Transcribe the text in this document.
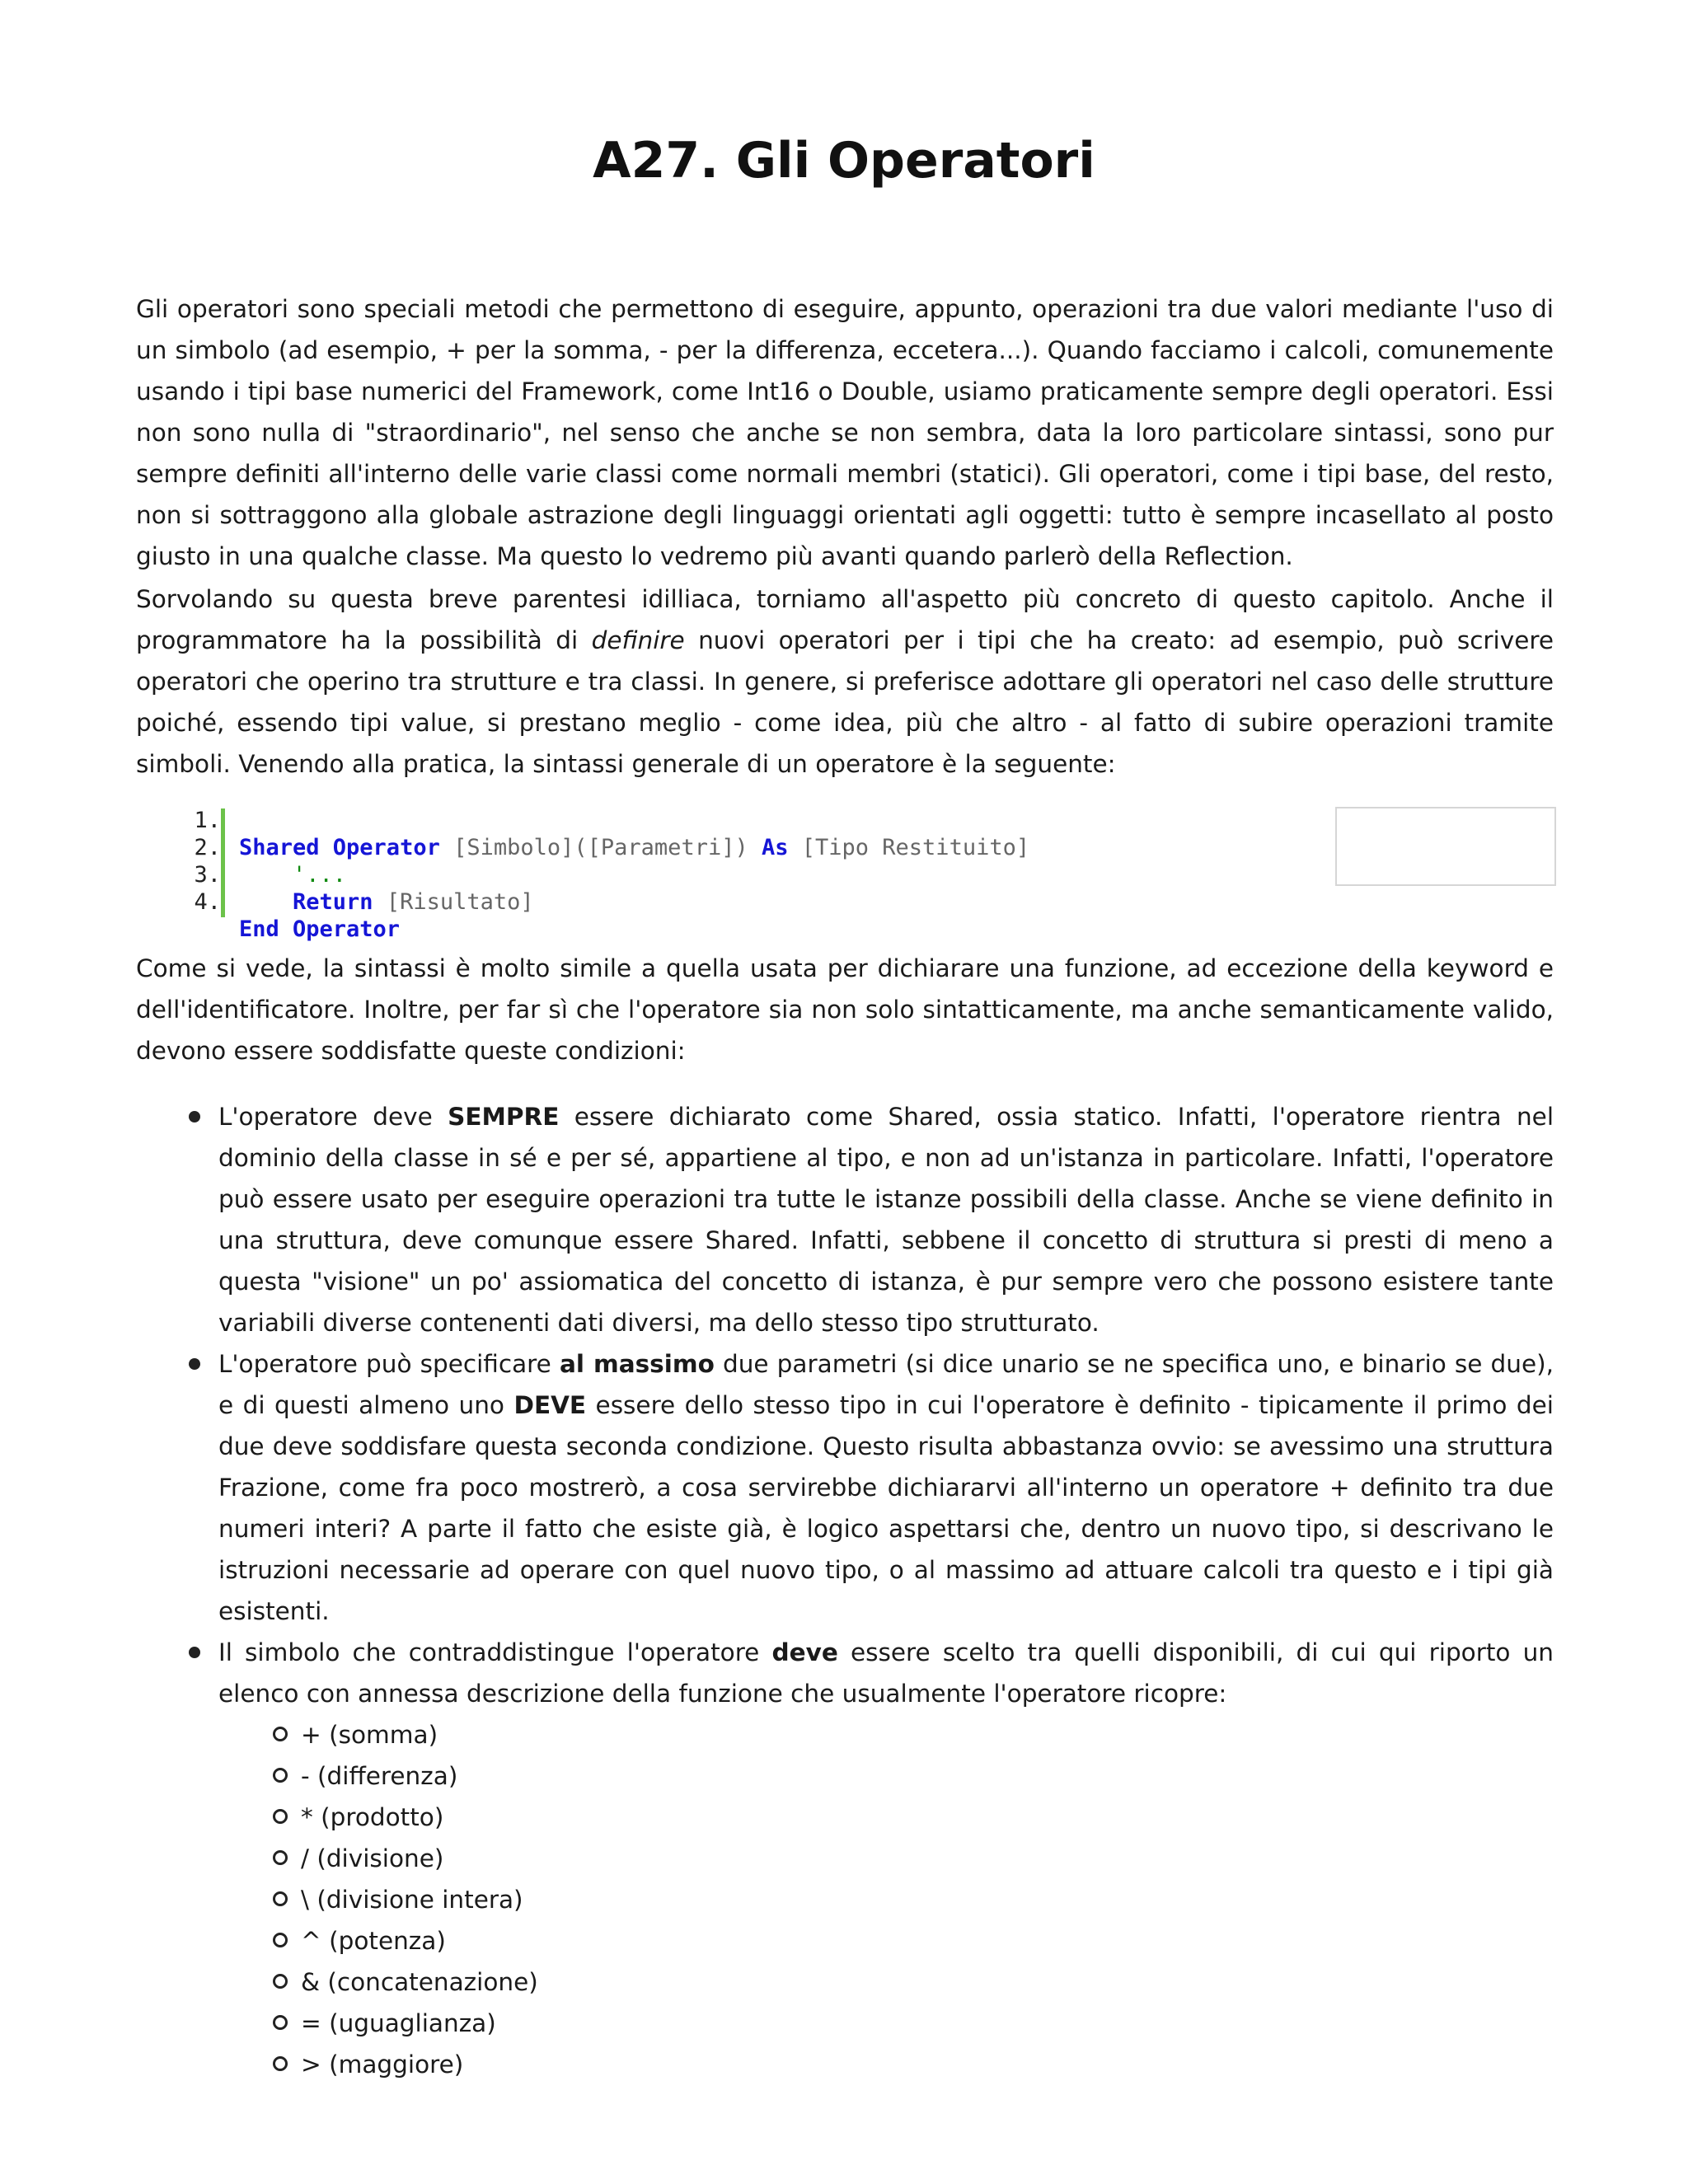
A27. Gli Operatori

Gli operatori sono speciali metodi che permettono di eseguire, appunto, operazioni tra due valori mediante l'uso di un simbolo (ad esempio, + per la somma, - per la differenza, eccetera...). Quando facciamo i calcoli, comunemente usando i tipi base numerici del Framework, come Int16 o Double, usiamo praticamente sempre degli operatori. Essi non sono nulla di "straordinario", nel senso che anche se non sembra, data la loro particolare sintassi, sono pur sempre definiti all'interno delle varie classi come normali membri (statici). Gli operatori, come i tipi base, del resto, non si sottraggono alla globale astrazione degli linguaggi orientati agli oggetti: tutto è sempre incasellato al posto giusto in una qualche classe. Ma questo lo vedremo più avanti quando parlerò della Reflection.

Sorvolando su questa breve parentesi idilliaca, torniamo all'aspetto più concreto di questo capitolo. Anche il programmatore ha la possibilità di definire nuovi operatori per i tipi che ha creato: ad esempio, può scrivere operatori che operino tra strutture e tra classi. In genere, si preferisce adottare gli operatori nel caso delle strutture poiché, essendo tipi value, si prestano meglio - come idea, più che altro - al fatto di subire operazioni tramite simboli. Venendo alla pratica, la sintassi generale di un operatore è la seguente:

1.
2.
3.
4.

Shared Operator [Simbolo]([Parametri]) As [Tipo Restituito]
'...
Return [Risultato]
End Operator

Come si vede, la sintassi è molto simile a quella usata per dichiarare una funzione, ad eccezione della keyword e dell'identificatore. Inoltre, per far sì che l'operatore sia non solo sintatticamente, ma anche semanticamente valido, devono essere soddisfatte queste condizioni:

L'operatore deve SEMPRE essere dichiarato come Shared, ossia statico. Infatti, l'operatore rientra nel dominio della classe in sé e per sé, appartiene al tipo, e non ad un'istanza in particolare. Infatti, l'operatore può essere usato per eseguire operazioni tra tutte le istanze possibili della classe. Anche se viene definito in una struttura, deve comunque essere Shared. Infatti, sebbene il concetto di struttura si presti di meno a questa "visione" un po' assiomatica del concetto di istanza, è pur sempre vero che possono esistere tante variabili diverse contenenti dati diversi, ma dello stesso tipo strutturato.
L'operatore può specificare al massimo due parametri (si dice unario se ne specifica uno, e binario se due), e di questi almeno uno DEVE essere dello stesso tipo in cui l'operatore è definito - tipicamente il primo dei due deve soddisfare questa seconda condizione. Questo risulta abbastanza ovvio: se avessimo una struttura Frazione, come fra poco mostrerò, a cosa servirebbe dichiararvi all'interno un operatore + definito tra due numeri interi? A parte il fatto che esiste già, è logico aspettarsi che, dentro un nuovo tipo, si descrivano le istruzioni necessarie ad operare con quel nuovo tipo, o al massimo ad attuare calcoli tra questo e i tipi già esistenti.
Il simbolo che contraddistingue l'operatore deve essere scelto tra quelli disponibili, di cui qui riporto un elenco con annessa descrizione della funzione che usualmente l'operatore ricopre:
+ (somma)
- (differenza)
* (prodotto)
/ (divisione)
\ (divisione intera)
^ (potenza)
& (concatenazione)
= (uguaglianza)
> (maggiore)
